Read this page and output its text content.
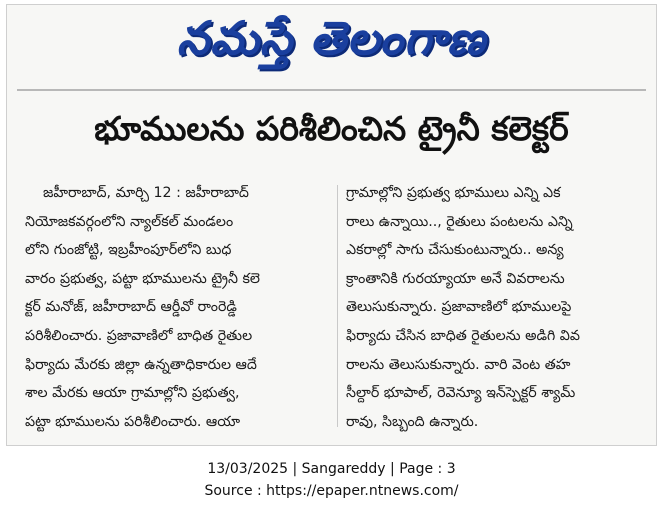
నమస్తే తెలంగాణ
భూములను పరిశీలించిన ట్రైనీ కలెక్టర్
జహీరాబాద్, మార్చి 12 : జహీరాబాద్
నియోజకవర్గంలోని న్యాల్‌కల్ మండలం
లోని గుంజోట్టి, ఇబ్రహీంపూర్‌లోని బుధ
వారం ప్రభుత్వ, పట్టా భూములను ట్రైనీ కలె
క్టర్ మనోజ్, జహీరాబాద్ ఆర్డీవో రాంరెడ్డి
పరిశీలించారు. ప్రజావాణిలో బాధిత రైతుల
ఫిర్యాదు మేరకు జిల్లా ఉన్నతాధికారుల ఆదే
శాల మేరకు ఆయా గ్రామాల్లోని ప్రభుత్వ,
పట్టా భూములను పరిశీలించారు. ఆయా
గ్రామాల్లోని ప్రభుత్వ భూములు ఎన్ని ఎక
రాలు ఉన్నాయి.., రైతులు పంటలను ఎన్ని
ఎకరాల్లో సాగు చేసుకుంటున్నారు.. అన్య
క్రాంతానికి గురయ్యాయా అనే వివరాలను
తెలుసుకున్నారు. ప్రజావాణిలో భూములపై
ఫిర్యాదు చేసిన బాధిత రైతులను అడిగి వివ
రాలను తెలుసుకున్నారు. వారి వెంట తహ
సీల్దార్ భూపాల్, రెవెన్యూ ఇన్‌స్పెక్టర్ శ్యామ్
రావు, సిబ్బంది ఉన్నారు.
13/03/2025 | Sangareddy | Page : 3
Source : https://epaper.ntnews.com/
